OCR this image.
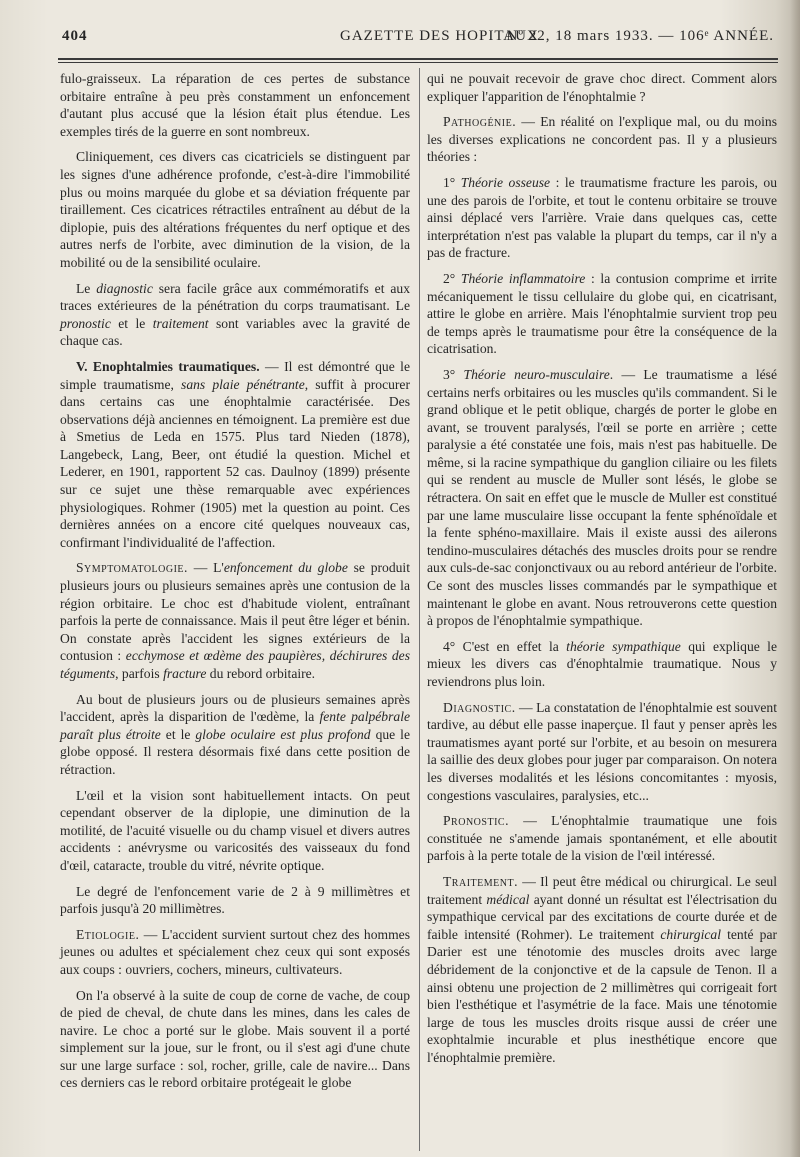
404	GAZETTE DES HOPITAUX
Nº 22, 18 mars 1933. — 106ᵉ ANNÉE.

fulo-graisseux. La réparation de ces pertes de substance orbitaire entraîne à peu près constamment un enfoncement d'autant plus accusé que la lésion était plus étendue. Les exemples tirés de la guerre en sont nombreux.

Cliniquement, ces divers cas cicatriciels se distinguent par les signes d'une adhérence profonde, c'est-à-dire l'immobilité plus ou moins marquée du globe et sa déviation fréquente par tiraillement. Ces cicatrices rétractiles entraînent au début de la diplopie, puis des altérations fréquentes du nerf optique et des autres nerfs de l'orbite, avec diminution de la vision, de la mobilité ou de la sensibilité oculaire.

Le diagnostic sera facile grâce aux commémoratifs et aux traces extérieures de la pénétration du corps traumatisant. Le pronostic et le traitement sont variables avec la gravité de chaque cas.

V. Enophtalmies traumatiques. — Il est démontré que le simple traumatisme, sans plaie pénétrante, suffit à procurer dans certains cas une énophtalmie caractérisée. Des observations déjà anciennes en témoignent. La première est due à Smetius de Leda en 1575. Plus tard Nieden (1878), Langebeck, Lang, Beer, ont étudié la question. Michel et Lederer, en 1901, rapportent 52 cas. Daulnoy (1899) présente sur ce sujet une thèse remarquable avec expériences physiologiques. Rohmer (1905) met la question au point. Ces dernières années on a encore cité quelques nouveaux cas, confirmant l'individualité de l'affection.

Symptomatologie. — L'enfoncement du globe se produit plusieurs jours ou plusieurs semaines après une contusion de la région orbitaire. Le choc est d'habitude violent, entraînant parfois la perte de connaissance. Mais il peut être léger et bénin. On constate après l'accident les signes extérieurs de la contusion : ecchymose et œdème des paupières, déchirures des téguments, parfois fracture du rebord orbitaire.

Au bout de plusieurs jours ou de plusieurs semaines après l'accident, après la disparition de l'œdème, la fente palpébrale paraît plus étroite et le globe oculaire est plus profond que le globe opposé. Il restera désormais fixé dans cette position de rétraction.

L'œil et la vision sont habituellement intacts. On peut cependant observer de la diplopie, une diminution de la motilité, de l'acuité visuelle ou du champ visuel et divers autres accidents : anévrysme ou varicosités des vaisseaux du fond d'œil, cataracte, trouble du vitré, névrite optique.

Le degré de l'enfoncement varie de 2 à 9 millimètres et parfois jusqu'à 20 millimètres.

Etiologie. — L'accident survient surtout chez des hommes jeunes ou adultes et spécialement chez ceux qui sont exposés aux coups : ouvriers, cochers, mineurs, cultivateurs.

On l'a observé à la suite de coup de corne de vache, de coup de pied de cheval, de chute dans les mines, dans les cales de navire. Le choc a porté sur le globe. Mais souvent il a porté simplement sur la joue, sur le front, ou il s'est agi d'une chute sur une large surface : sol, rocher, grille, cale de navire... Dans ces derniers cas le rebord orbitaire protégeait le globe

qui ne pouvait recevoir de grave choc direct. Comment alors expliquer l'apparition de l'énophtalmie ?

Pathogénie. — En réalité on l'explique mal, ou du moins les diverses explications ne concordent pas. Il y a plusieurs théories :

1° Théorie osseuse : le traumatisme fracture les parois, ou une des parois de l'orbite, et tout le contenu orbitaire se trouve ainsi déplacé vers l'arrière. Vraie dans quelques cas, cette interprétation n'est pas valable la plupart du temps, car il n'y a pas de fracture.

2° Théorie inflammatoire : la contusion comprime et irrite mécaniquement le tissu cellulaire du globe qui, en cicatrisant, attire le globe en arrière. Mais l'énophtalmie survient trop peu de temps après le traumatisme pour être la conséquence de la cicatrisation.

3° Théorie neuro-musculaire. — Le traumatisme a lésé certains nerfs orbitaires ou les muscles qu'ils commandent. Si le grand oblique et le petit oblique, chargés de porter le globe en avant, se trouvent paralysés, l'œil se porte en arrière ; cette paralysie a été constatée une fois, mais n'est pas habituelle. De même, si la racine sympathique du ganglion ciliaire ou les filets qui se rendent au muscle de Muller sont lésés, le globe se rétractera. On sait en effet que le muscle de Muller est constitué par une lame musculaire lisse occupant la fente sphénoïdale et la fente sphéno-maxillaire. Mais il existe aussi des ailerons tendino-musculaires détachés des muscles droits pour se rendre aux culs-de-sac conjonctivaux ou au rebord antérieur de l'orbite. Ce sont des muscles lisses commandés par le sympathique et maintenant le globe en avant. Nous retrouverons cette question à propos de l'énophtalmie sympathique.

4° C'est en effet la théorie sympathique qui explique le mieux les divers cas d'énophtalmie traumatique. Nous y reviendrons plus loin.

Diagnostic. — La constatation de l'énophtalmie est souvent tardive, au début elle passe inaperçue. Il faut y penser après les traumatismes ayant porté sur l'orbite, et au besoin on mesurera la saillie des deux globes pour juger par comparaison. On notera les diverses modalités et les lésions concomitantes : myosis, congestions vasculaires, paralysies, etc...

Pronostic. — L'énophtalmie traumatique une fois constituée ne s'amende jamais spontanément, et elle aboutit parfois à la perte totale de la vision de l'œil intéressé.

Traitement. — Il peut être médical ou chirurgical. Le seul traitement médical ayant donné un résultat est l'électrisation du sympathique cervical par des excitations de courte durée et de faible intensité (Rohmer). Le traitement chirurgical tenté par Darier est une ténotomie des muscles droits avec large débridement de la conjonctive et de la capsule de Tenon. Il a ainsi obtenu une projection de 2 millimètres qui corrigeait fort bien l'esthétique et l'asymétrie de la face. Mais une ténotomie large de tous les muscles droits risque aussi de créer une exophtalmie incurable et plus inesthétique encore que l'énophtalmie première.
